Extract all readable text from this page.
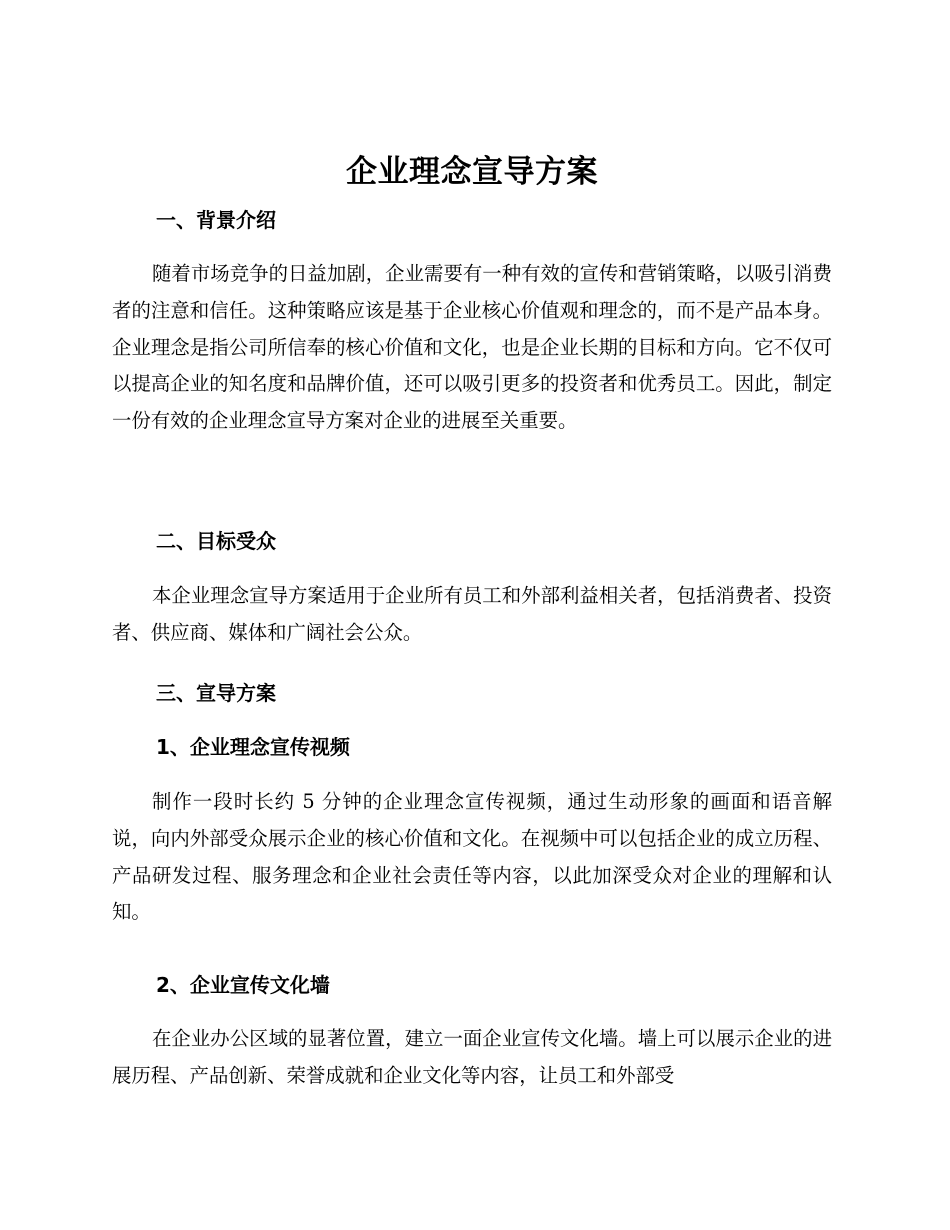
企业理念宣导方案
一、背景介绍

随着市场竞争的日益加剧，企业需要有一种有效的宣传和营销策略，以吸引消费者的注意和信任。这种策略应该是基于企业核心价值观和理念的，而不是产品本身。企业理念是指公司所信奉的核心价值和文化，也是企业长期的目标和方向。它不仅可以提高企业的知名度和品牌价值，还可以吸引更多的投资者和优秀员工。因此，制定一份有效的企业理念宣导方案对企业的进展至关重要。

二、目标受众

本企业理念宣导方案适用于企业所有员工和外部利益相关者，包括消费者、投资者、供应商、媒体和广阔社会公众。

三、宣导方案
1、企业理念宣传视频

制作一段时长约 5 分钟的企业理念宣传视频，通过生动形象的画面和语音解说，向内外部受众展示企业的核心价值和文化。在视频中可以包括企业的成立历程、产品研发过程、服务理念和企业社会责任等内容，以此加深受众对企业的理解和认知。

2、企业宣传文化墙

在企业办公区域的显著位置，建立一面企业宣传文化墙。墙上可以展示企业的进展历程、产品创新、荣誉成就和企业文化等内容，让员工和外部受
